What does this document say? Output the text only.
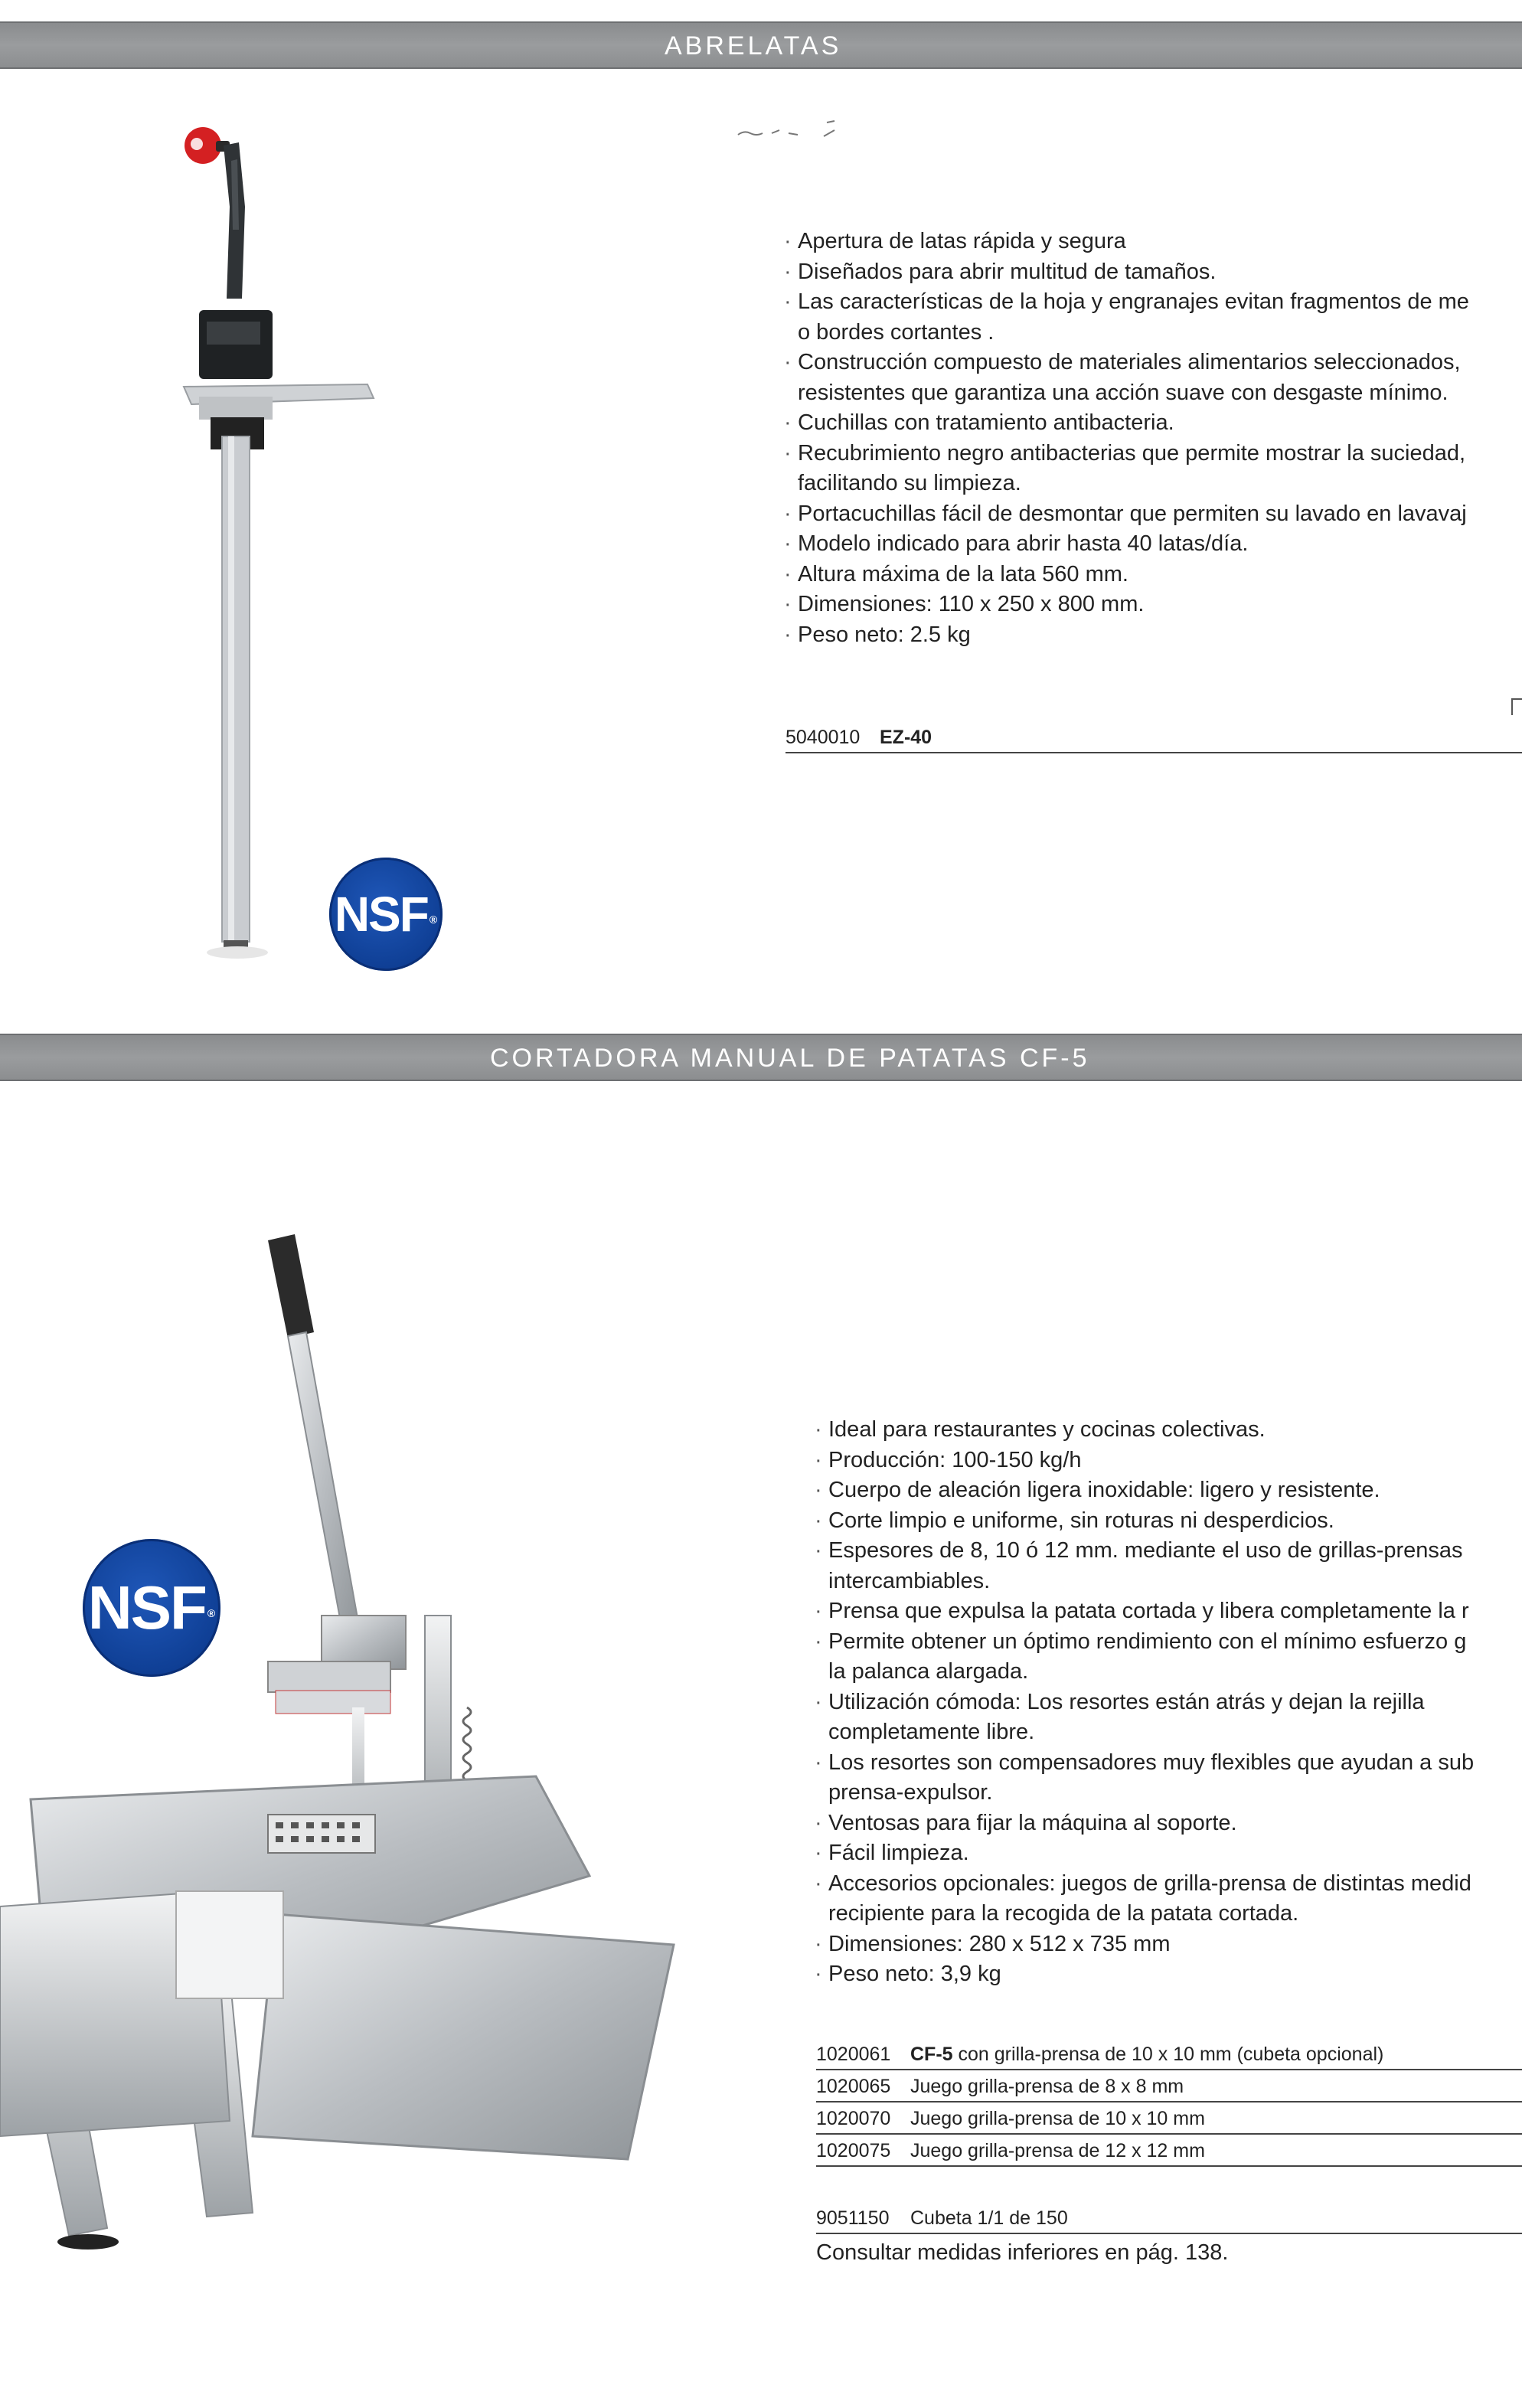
ABRELATAS
NSF ®
· Apertura de latas rápida y segura
· Diseñados para abrir multitud de tamaños.
· Las características de la hoja y engranajes evitan fragmentos de me
o bordes cortantes .
· Construcción compuesto de materiales alimentarios seleccionados,
resistentes que garantiza una acción suave con desgaste mínimo.
· Cuchillas con tratamiento antibacteria.
· Recubrimiento negro antibacterias que permite mostrar la suciedad,
facilitando su limpieza.
· Portacuchillas fácil de desmontar que permiten su lavado en lavavaj
· Modelo indicado para abrir hasta 40 latas/día.
· Altura máxima de la lata 560 mm.
· Dimensiones: 110 x 250 x 800 mm.
· Peso neto: 2.5 kg
5040010 EZ-40
CORTADORA MANUAL DE PATATAS CF-5
NSF ®
· Ideal para restaurantes y cocinas colectivas.
· Producción: 100-150 kg/h
· Cuerpo de aleación ligera inoxidable: ligero y resistente.
· Corte limpio e uniforme, sin roturas ni desperdicios.
· Espesores de 8, 10 ó 12 mm. mediante el uso de grillas-prensas
intercambiables.
· Prensa que expulsa la patata cortada y libera completamente la r
· Permite obtener un óptimo rendimiento con el mínimo esfuerzo g
la palanca alargada.
· Utilización cómoda: Los resortes están atrás y dejan la rejilla
completamente libre.
· Los resortes son compensadores muy flexibles que ayudan a sub
prensa-expulsor.
· Ventosas para fijar la máquina al soporte.
· Fácil limpieza.
· Accesorios opcionales: juegos de grilla-prensa de distintas medid
recipiente para la recogida de la patata cortada.
· Dimensiones: 280 x 512 x 735 mm
· Peso neto: 3,9 kg
1020061 CF-5 con grilla-prensa de 10 x 10 mm (cubeta opcional)
1020065 Juego grilla-prensa de 8 x 8 mm
1020070 Juego grilla-prensa de 10 x 10 mm
1020075 Juego grilla-prensa de 12 x 12 mm
9051150 Cubeta 1/1 de 150
Consultar medidas inferiores en pág. 138.
